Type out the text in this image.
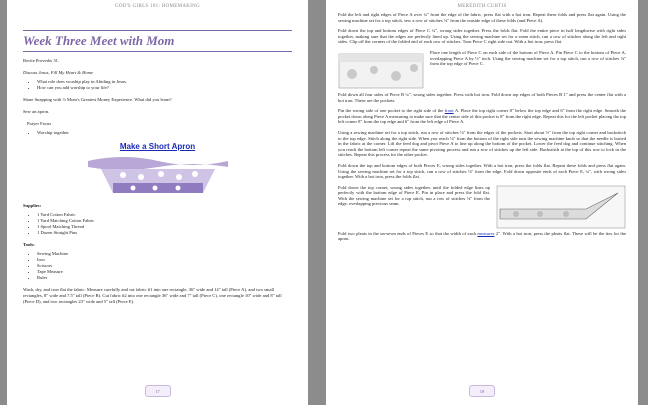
GOD'S GIRLS 101: HOMEMAKING
Week Three Meet with Mom

Recite Proverbs 31.

Discuss Jesus, Fill My Heart & Home

• What role does worship play in Abiding in Jesus.
• How can you add worship to your life?

Share Snapping with ½ Mom's Greatest Money Experience. What did you learn?

Sew an apron.

Prayer Focus

• Worship together.
Make a Short Apron

Supplies:

• 1 Yard Cotton Fabric
• 1 Yard Matching Cotton Fabric
• 1 Spool Matching Thread
• 1 Dozen Straight Pins

Tools:

• Sewing Machine
• Iron
• Scissors
• Tape Measure
• Ruler

Wash, dry, and iron flat the fabric. Measure carefully and cut fabric #1 into one rectangle, 36" wide and 14" tall (Piece A), and two small rectangles, 8" wide and 7.5" tall (Piece B). Cut fabric #2 into one rectangle 36" wide and 7" tall (Piece C), one rectangle 10" wide and 8" tall (Piece D), and two rectangles 23" wide and 5" tall (Piece E).

17
MEREDITH CURTIS

Fold the left and right edges of Piece A over ¼" from the edge of the fabric, press flat with a hot iron. Repeat these folds and press flat again. Using the sewing machine set for a top stitch, sew a row of stitches ⅛" from the outside edge of these folds (and Piece A).

Fold down the top and bottom edges of Piece C ¼", wrong sides together. Press the folds flat. Fold the entire piece in half lengthwise with right sides together, making sure that the edges are perfectly lined up. Using the sewing machine set for a seam stitch, run a row of stitches along the left and right sides. Clip off the corners of the folded end of each row of stitches. Turn Piece C right side out. With a hot iron, press flat.

Place one length of Piece C on each side of the bottom of Piece A. Pin Piece C to the bottom of Piece A, overlapping Piece A by ½" inch. Using the sewing machine set for a top stitch, run a row of stitches ⅛" from the top edge of Piece C.

Fold down all four sides of Piece B ¼", wrong sides together. Press with hot iron. Fold down top edges of both Pieces B 1" and press the center flat with a hot iron. These are the pockets.

Pin the wrong side of one pocket to the right side of the front A. Place the top right corner 8" below the top edge and 6" from the right edge. Smooth the pocket down along Piece A measuring to make sure that the center side of this pocket is 8" from the right edge. Repeat this for the left pocket placing the top left corner 8" from the top edge and 6" from the left edge of Piece A.

Using a sewing machine set for a top stitch, run a row of stitches ⅛" from the edges of the pockets. Start about ½" from the top right corner and backstitch to the top edge. Stitch along the right side. When you reach ⅛" from the bottom of the right side turn the sewing machine knob so that the needle is buried in the fabric at the corner. Lift the feed dog and pivot Piece A to line up along the bottom of the pocket. Lower the feed dog and continue stitching. When you reach the bottom left corner repeat the same pivoting process and run a row of stitches up the left side. Backstitch at the top of this row to lock in the stitches. Repeat this process for the other pocket.

Fold down the top and bottom edges of both Pieces E, wrong sides together. With a hot iron, press the folds flat. Repeat these folds and press flat again. Using the sewing machine set for a top stitch, run a row of stitches ⅛" from the edge. Fold down opposite ends of each Piece E, ¼", with wrong sides together. With a hot iron, press the folds flat.

Fold down the top corner, wrong sides together, until the folded edge lines up perfectly with the bottom edge of Piece E. Pin in place and press the fold flat. With the sewing machine set for a top stitch, run a row of stitches ⅛" from the edge, overlapping previous seam.

Fold two pleats in the un-sewn ends of Pieces E so that the width of each measures 2". With a hot iron, press the pleats flat. These will be the ties for the apron.

18
